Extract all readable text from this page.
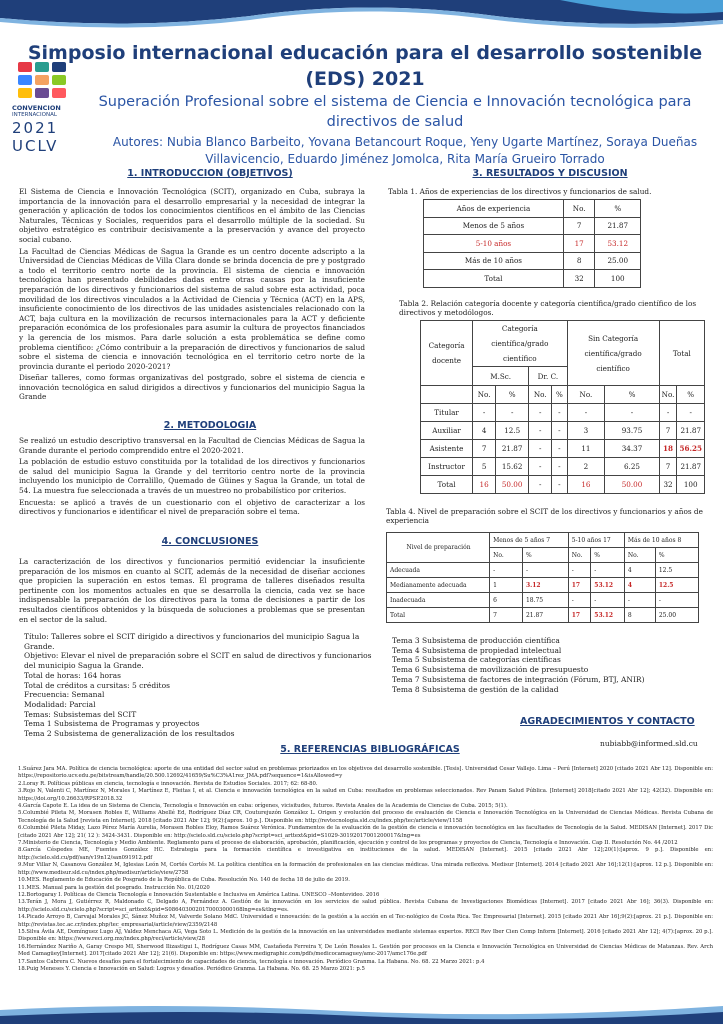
CONVENCION
INTERNACIONAL
2021
UCLV
Simposio internacional educación para el desarrollo sostenible (EDS) 2021
Superación Profesional sobre el sistema de Ciencia e Innovación tecnológica para directivos de salud
Autores: Nubia Blanco Barbeito, Yovana Betancourt Roque, Yeny Ugarte Martínez, Soraya Dueñas Villavicencio, Eduardo Jiménez Jomolca, Rita María Grueiro Torrado
1. INTRODUCCION (OBJETIVOS)
El Sistema de Ciencia e Innovación Tecnológica (SCIT), organizado en Cuba, subraya la importancia de la innovación para el desarrollo empresarial y la necesidad de integrar la generación y aplicación de todos los conocimientos científicos en el ámbito de las Ciencias Naturales, Técnicas y Sociales, requeridos para el desarrollo múltiple de la sociedad. Su objetivo estratégico es contribuir decisivamente a la preservación y avance del proyecto social cubano.
La Facultad de Ciencias Médicas de Sagua la Grande es un centro docente adscripto a la Universidad de Ciencias Médicas de Villa Clara donde se brinda docencia de pre y postgrado a todo el territorio centro norte de la provincia. El sistema de ciencia e innovación tecnológica han presentado debilidades dadas entre otras causas por la insuficiente preparación de los directivos y funcionarios del sistema de salud sobre esta actividad, poca movilidad de los directivos vinculados a la Actividad de Ciencia y Técnica (ACT) en la APS, insuficiente conocimiento de los directivos de las unidades asistenciales relacionado con la ACT, baja cultura en la movilización de recursos internacionales para la ACT y deficiente preparación económica de los profesionales para asumir la cultura de proyectos financiados y la gerencia de los mismos. Para darle solución a esta problemática se define como problema científico: ¿Cómo contribuir a la preparación de directivos y funcionarios de salud sobre el sistema de ciencia e innovación tecnológica en el territorio cetro norte de la provincia durante el periodo 2020-2021?
Diseñar talleres, como formas organizativas del postgrado, sobre el sistema de ciencia e innovación tecnológica en salud dirigidos a directivos y funcionarios del municipio Sagua la Grande
2. METODOLOGIA
Se realizó un estudio descriptivo transversal en la Facultad de Ciencias Médicas de Sagua la Grande durante el periodo comprendido entre el 2020-2021.
La población de estudio estuvo constituida por la totalidad de los directivos y funcionarios de salud del municipio Sagua la Grande y del territorio centro norte de la provincia incluyendo los municipio de Corralillo, Quemado de Güines y Sagua la Grande, un total de 54. La muestra fue seleccionada a través de un muestreo no probabilístico por criterios.
Encuesta: se aplicó a través de un cuestionario con el objetivo de caracterizar a los directivos y funcionarios e identificar el nivel de preparación sobre el tema.
4. CONCLUSIONES
La caracterización de los directivos y funcionarios permitió evidenciar la insuficiente preparación de los mismos en cuanto al SCIT, además de la necesidad de diseñar acciones que propicien la superación en estos temas. El programa de talleres diseñados resulta pertinente con los momentos actuales en que se desarrolla la ciencia, cada vez se hace indispensable la preparación de los directivos para la toma de decisiones a partir de los resultados científicos obtenidos y la búsqueda de soluciones a problemas que se presentan en el sector de la salud.
Título: Talleres sobre el SCIT dirigido a directivos y funcionarios del municipio Sagua la Grande.
Objetivo: Elevar el nivel de preparación sobre el SCIT en salud de directivos y funcionarios del municipio Sagua la Grande.
Total de horas: 164 horas
Total de créditos a cursitas: 5 créditos
Frecuencia: Semanal
Modalidad: Parcial
Temas: Subsistemas del SCIT
Tema 1 Subsistema de Programas y proyectos
Tema 2 Subsistema de generalización de los resultados
Tema 3 Subsistema de producción científica
Tema 4 Subsistema de propiedad intelectual
Tema 5 Subsistema de categorías científicas
Tema 6 Subsistema de movilización de presupuesto
Tema 7 Subsistema de factores de integración (Fórum, BTJ, ANIR)
Tema 8 Subsistema de gestión de la calidad
3. RESULTADOS Y DISCUSION
Tabla 1. Años de experiencias de los directivos y funcionarios de salud.
Años de experiencia	No.	%
Menos de 5 años	7	21.87
5-10 años	17	53.12
Más de 10 años	8	25.00
Total	32	100
Tabla 2. Relación categoría docente y categoría científica/grado científico de los directivos y metodólogos.
Categoría docente	Categoría científica/grado científico				Sin Categoría científica/grado científico		Total	
	M.Sc.		Dr. C.					
	No.	%	No.	%	No.	%	No.	%
Titular	-	-	-	-	-	-	-	-
Auxiliar	4	12.5	-	-	3	93.75	7	21.87
Asistente	7	21.87	-	-	11	34.37	18	56.25
Instructor	5	15.62	-	-	2	6.25	7	21.87
Total	16	50.00	-	-	16	50.00	32	100
Tabla 4. Nivel de preparación sobre el SCIT de los directivos y funcionarios y años de experiencia
Nivel de preparación	Menos de 5 años 7		5-10 años 17		Más de 10 años 8	
	No.	%	No.	%	No.	%
Adecuada	-	-	-	-	4	12.5
Medianamente adecuada	1	3.12	17	53.12	4	12.5
Inadecuada	6	18.75	-	-	-	-
Total	7	21.87	17	53.12	8	25.00
AGRADECIMIENTOS Y CONTACTO
nubiabb@informed.sld.cu
5. REFERENCIAS BIBLIOGRÁFICAS
1.Suárez Jara MA. Política de ciencia tecnológica: aporte de una entidad del sector salud en problemas priorizados en los objetivos del desarrollo sostenible. [Tesis]. Universidad Cesar Vallejo. Lima – Perú [Internet] 2020 [citado 2021 Abr 12]. Disponible en: https://repositorio.ucv.edu.pe/bitstream/handle/20.500.12692/41659/Su%C3%A1rez_JMA.pdf?sequence=1&isAllowed=y
2.Loray R. Políticas públicas en ciencia, tecnología e innovación. Revista de Estudios Sociales. 2017; 62: 68-80.
3.Rojo N, Valenti C, Martínez N, Morales I, Martínez E, Fleitas I, et al. Ciencia e innovación tecnológica en la salud en Cuba: resultados en problemas seleccionados. Rev Panam Salud Pública. [Internet] 2018[citado 2021 Abr 12]; 42(32). Disponible en: https://doi.org/10.26633/RPSP.2018.32
4.García Capote E. La idea de un Sistema de Ciencia, Tecnología e Innovación en cuba: orígenes, vicisitudes, futuros. Revista Anales de la Academia de Ciencias de Cuba. 2015; 5(1).
5.Columbié Pileta M, Morasen Robles E, Williams Abellé Ed, Rodríguez Díaz CR, Couturejuzón González L. Origen y evolución del proceso de evaluación de Ciencia e Innovación Tecnológica en la Universidad de Ciencias Médicas. Revista Cubana de Tecnología de la Salud [revista en Internet]. 2018 [citado 2021 Abr 12]; 9(2):[aprox. 10 p.]. Disponible en: http://revtecnologia.sld.cu/index.php/tec/article/view/1158
6.Columbié Pileta Miday, Lazo Pérez María Aurelia, Morasen Robles Eloy, Ramos Suárez Verónica. Fundamentos de la evaluación de la gestión de ciencia e innovación tecnológica en las facultades de Tecnología de la Salud. MEDISAN [Internet]. 2017 Dic [citado 2021 Abr 12]; 21( 12 ): 3424-3431. Disponible en: http://scielo.sld.cu/scielo.php?script=sci_arttext&pid=S1029-30192017001200017&lng=es
7.Ministerio de Ciencia, Tecnología y Medio Ambiente. Reglamento para el proceso de elaboración, aprobación, planificación, ejecución y control de los programas y proyectos de Ciencia, Tecnología e Innovación. Cap II. Resolución No. 44 /2012
8.García Céspedes ME, Fuentes González HC. Estrategia para la formación científica e investigativa en instituciones de la salud. MEDISAN [Internet]. 2015 [citado 2021 Abr 12];20(1):[aprox. 9 p.]. Disponible en: http://scielo.sld.cu/pdf/san/v19n12/san091912.pdf
9.Mur Villar N, Casanova González M, Iglesias León M, Cortés Cortés M. La política científica en la formación de profesionales en las ciencias médicas. Una mirada reflexiva. Medisur [Internet]. 2014 [citado 2021 Abr 16];12(1):[aprox. 12 p.]. Disponible en: http://www.medisur.sld.cu/index.php/medisur/article/view/2758
10.MES. Reglamento de Educación de Posgrado de la República de Cuba. Resolución No. 140 de fecha 18 de julio de 2019.
11.MES. Manual para la gestión del posgrado. Instrucción No. 01/2020
12.Bortogaray I. Políticas de Ciencia Tecnología e Innovación Sustentable e Inclusiva en América Latina. UNESCO –Montevideo. 2016
13.Terán J, Mora J, Gutiérrez R, Maldonado C, Delgado A, Fernández A. Gestión de la innovación en los servicios de salud pública. Revista Cubana de Investigaciones Biomédicas [Internet]. 2017 [citado 2021 Abr 16]; 36(3). Disponible en: http://scielo.sld.cu/scielo.php?script=sci_arttext&pid=S0864030020170003000168lng=es&tlng=es.
14.Picado Arroyo B, Carvajal Morales JC, Sánez Muñoz M, Valverde Solano MdC. Universidad e innovación: de la gestión a la acción en el Tec-nológico de Costa Rica. Tec Empresarial [Internet]. 2015 [citado 2021 Abr 16];9(2):[aprox. 21 p.]. Disponible en: http://revistas.tec.ac.cr/index.php/tec_empresarial/article/view/2359/2148
15.Silva Ávila AE, Domínguez Lugo AJ, Valdez Menchaca AG, Vega Soto L. Medición de la gestión de la innovación en las universidades mediante sistemas expertos. RECI Rev Iber Cien Comp Inform [Internet]. 2016 [citado 2021 Abr 12]; 4(7):[aprox. 20 p.]. Disponible en: https://www.reci.org.mx/index.php/reci/article/view/28
16.Hernández Nariño A, Garay Crespo MI, Sherwood Ilizastigui L, Rodríguez Casas MM, Castañeda Ferreira Y, De León Rosales L. Gestión por procesos en la Ciencia e Innovación Tecnológica en Universidad de Ciencias Médicas de Matanzas. Rev. Arch Med Camagüey[Internet]. 2017[citado 2021 Abr 12]; 21(6). Disponible en: https://www.medigraphic.com/pdfs/medicocamaguey/amc-2017/amc176e.pdf
17.Santos Cabrera C. Nuevos desafíos para el fortalecimiento de capacidades de ciencia, tecnología e innovación. Periódico Granma. La Habana. No. 68. 22 Marzo 2021: p.4
18.Puig Meneses Y. Ciencia e Innovación en Salud: Logros y desafíos. Periódico Granma. La Habana. No. 68. 25 Marzo 2021: p.5
